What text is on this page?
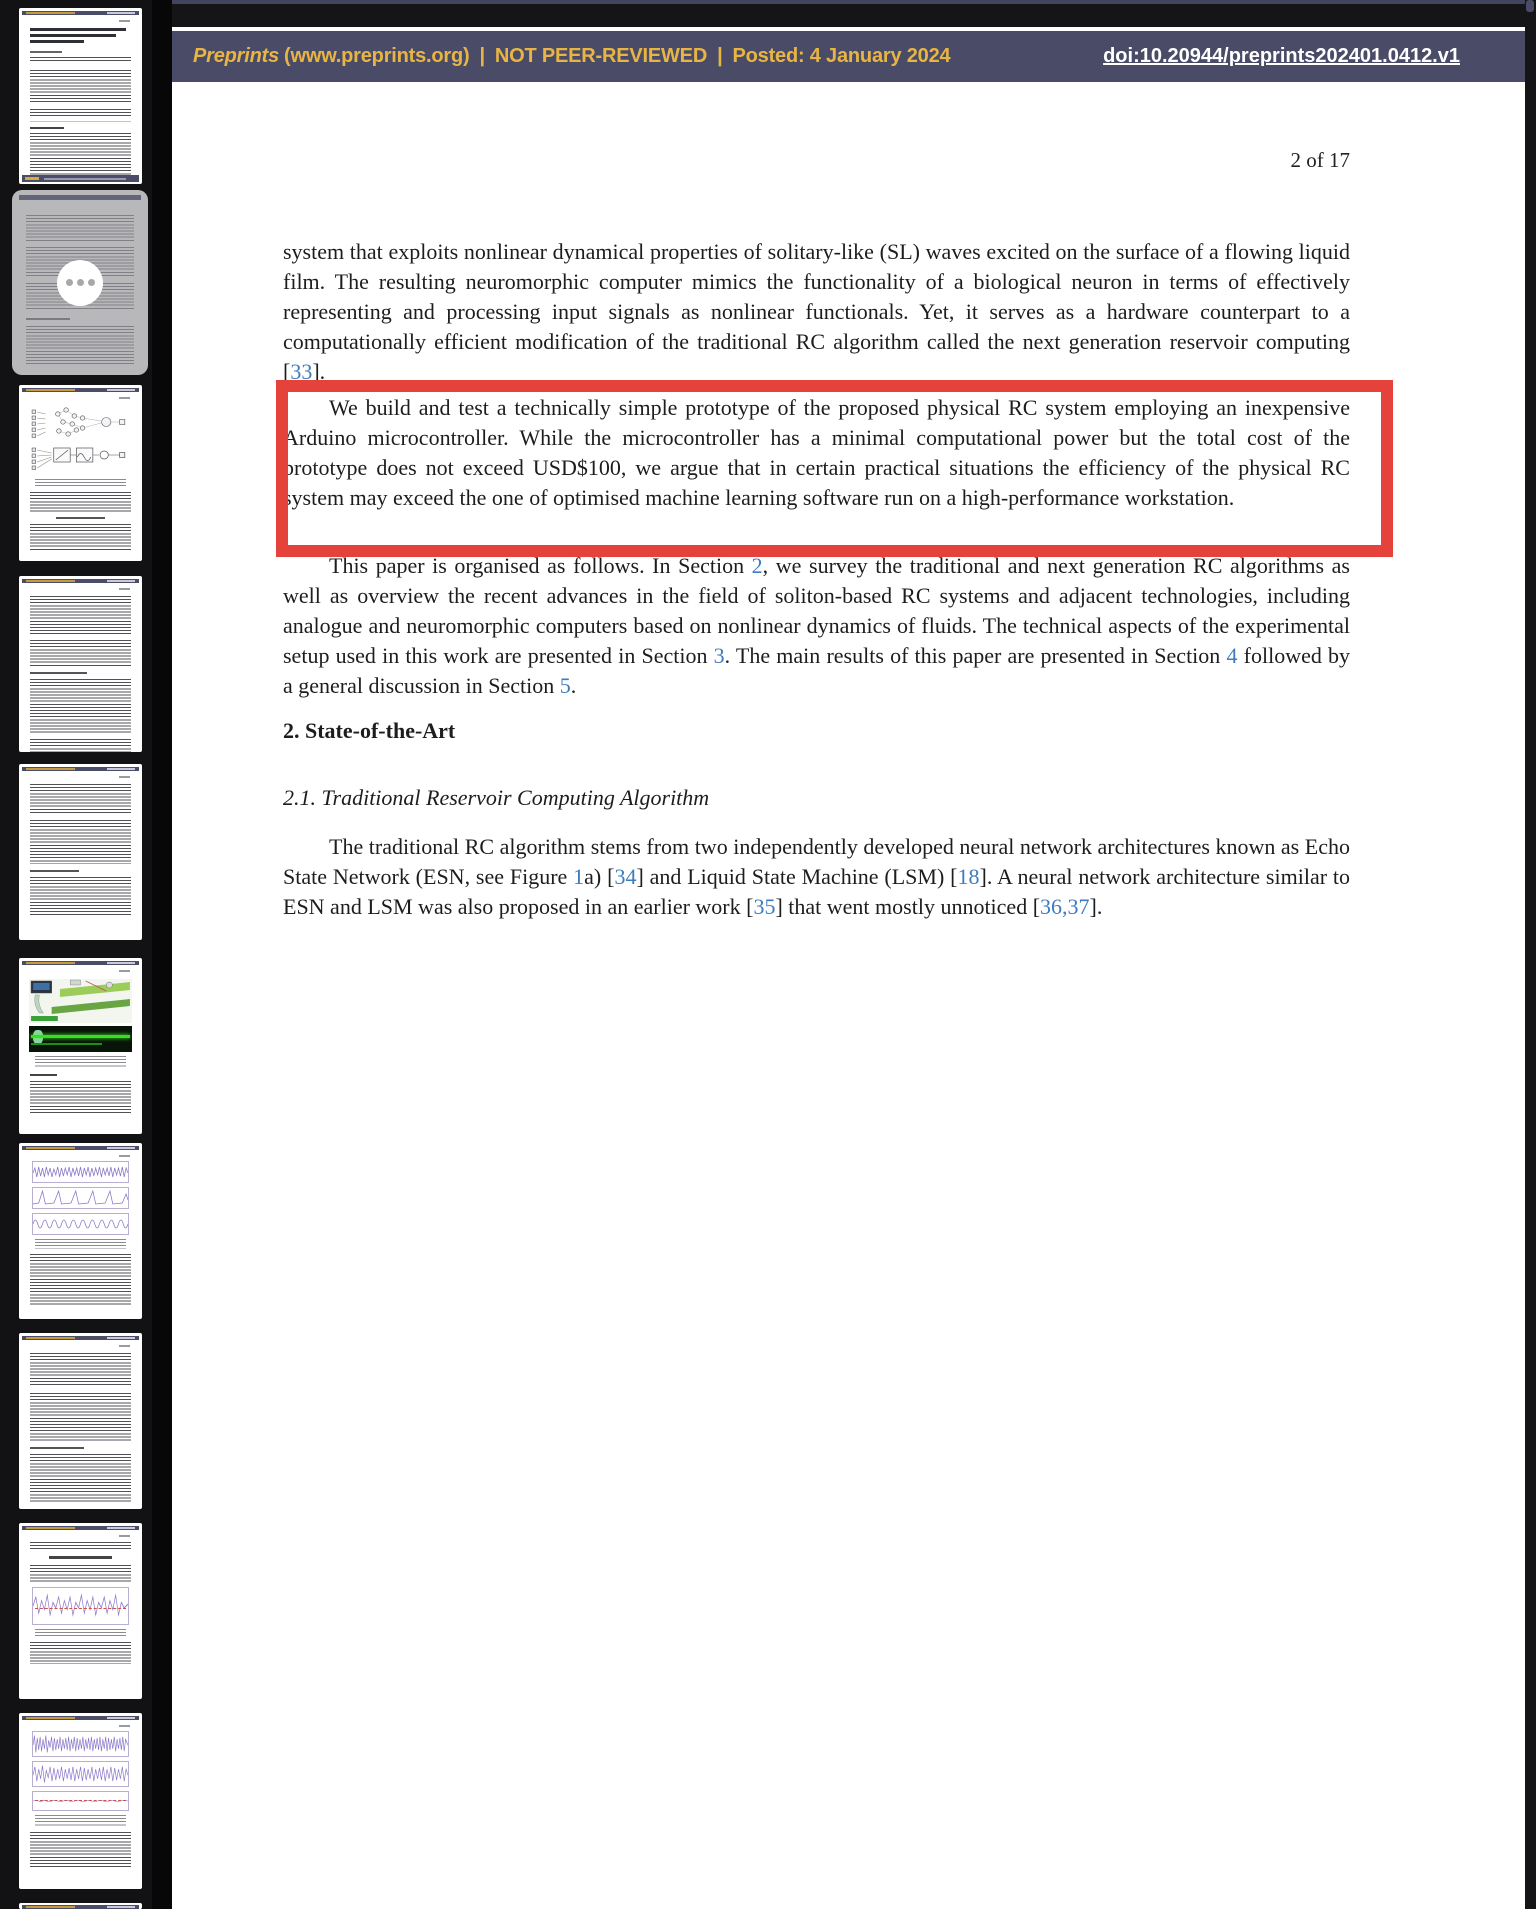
Preprints (www.preprints.org) | NOT PEER-REVIEWED | Posted: 4 January 2024	doi:10.20944/preprints202401.0412.v1
2 of 17
system that exploits nonlinear dynamical properties of solitary-like (SL) waves excited on the surface of a flowing liquid film. The resulting neuromorphic computer mimics the functionality of a biological neuron in terms of effectively representing and processing input signals as nonlinear functionals. Yet, it serves as a hardware counterpart to a computationally efficient modification of the traditional RC algorithm called the next generation reservoir computing [33].
We build and test a technically simple prototype of the proposed physical RC system employing an inexpensive Arduino microcontroller. While the microcontroller has a minimal computational power but the total cost of the prototype does not exceed USD$100, we argue that in certain practical situations the efficiency of the physical RC system may exceed the one of optimised machine learning software run on a high-performance workstation.
This paper is organised as follows. In Section 2, we survey the traditional and next generation RC algorithms as well as overview the recent advances in the field of soliton-based RC systems and adjacent technologies, including analogue and neuromorphic computers based on nonlinear dynamics of fluids. The technical aspects of the experimental setup used in this work are presented in Section 3. The main results of this paper are presented in Section 4 followed by a general discussion in Section 5.
2. State-of-the-Art
2.1. Traditional Reservoir Computing Algorithm
The traditional RC algorithm stems from two independently developed neural network architectures known as Echo State Network (ESN, see Figure 1a) [34] and Liquid State Machine (LSM) [18]. A neural network architecture similar to ESN and LSM was also proposed in an earlier work [35] that went mostly unnoticed [36,37].
